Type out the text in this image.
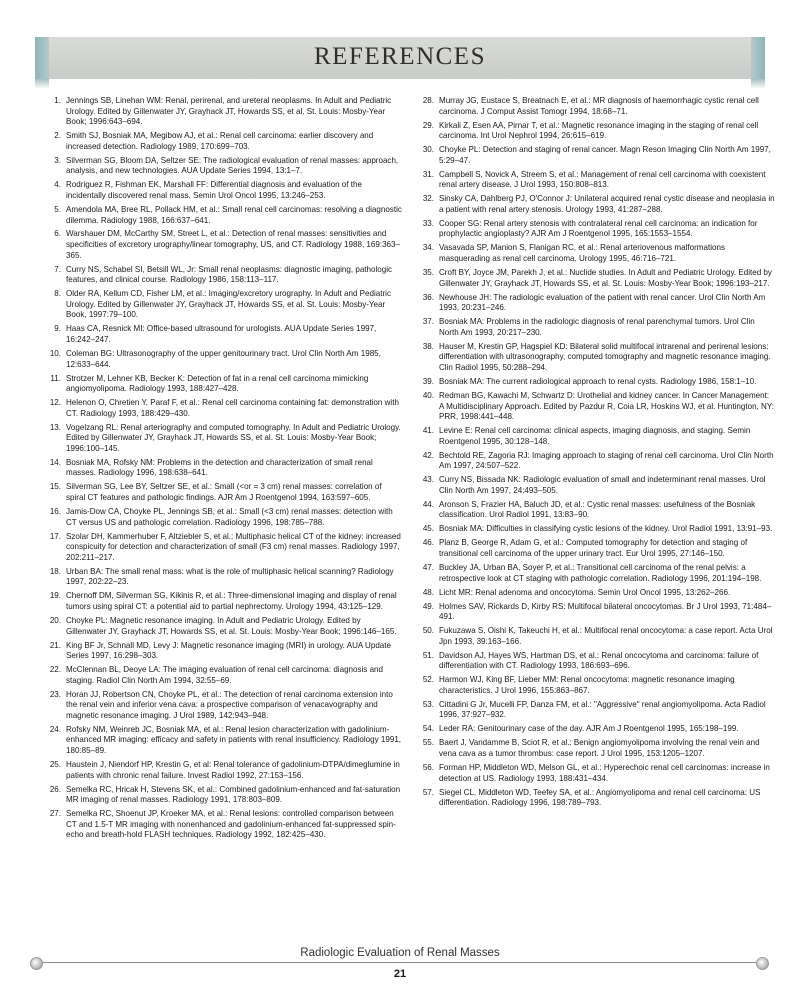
REFERENCES
1. Jennings SB, Linehan WM: Renal, perirenal, and ureteral neoplasms. In Adult and Pediatric Urology. Edited by Gillenwater JY, Grayhack JT, Howards SS, et al. St. Louis: Mosby-Year Book; 1996:643–694.
2. Smith SJ, Bosniak MA, Megibow AJ, et al.: Renal cell carcinoma: earlier discovery and increased detection. Radiology 1989, 170:699–703.
3. Silverman SG, Bloom DA, Seltzer SE: The radiological evaluation of renal masses: approach, analysis, and new technologies. AUA Update Series 1994, 13:1–7.
4. Rodriguez R, Fishman EK, Marshall FF: Differential diagnosis and evaluation of the incidentally discovered renal mass. Semin Urol Oncol 1995, 13:246–253.
5. Amendola MA, Bree RL, Pollack HM, et al.: Small renal cell carcinomas: resolving a diagnostic dilemma. Radiology 1988, 166:637–641.
6. Warshauer DM, McCarthy SM, Street L, et al.: Detection of renal masses: sensitivities and specificities of excretory urography/linear tomography, US, and CT. Radiology 1988, 169:363–365.
7. Curry NS, Schabel SI, Betsill WL, Jr: Small renal neoplasms: diagnostic imaging, pathologic features, and clinical course. Radiology 1986, 158:113–117.
8. Older RA, Kellum CD, Fisher LM, et al.: Imaging/excretory urography. In Adult and Pediatric Urology. Edited by Gillenwater JY, Grayhack JT, Howards SS, et al. St. Louis: Mosby-Year Book, 1997:79–100.
9. Haas CA, Resnick MI: Office-based ultrasound for urologists. AUA Update Series 1997, 16:242–247.
10. Coleman BG: Ultrasonography of the upper genitourinary tract. Urol Clin North Am 1985, 12:633–644.
11. Strotzer M, Lehner KB, Becker K: Detection of fat in a renal cell carcinoma mimicking angiomyolipoma. Radiology 1993, 188:427–428.
12. Helenon O, Chretien Y, Paraf F, et al.: Renal cell carcinoma containing fat: demonstration with CT. Radiology 1993, 188:429–430.
13. Vogelzang RL: Renal arteriography and computed tomography. In Adult and Pediatric Urology. Edited by Gillenwater JY, Grayhack JT, Howards SS, et al. St. Louis: Mosby-Year Book; 1996:100–145.
14. Bosniak MA, Rofsky NM: Problems in the detection and characterization of small renal masses. Radiology 1996, 198:638–641.
15. Silverman SG, Lee BY, Seltzer SE, et al.: Small (<or = 3 cm) renal masses: correlation of spiral CT features and pathologic findings. AJR Am J Roentgenol 1994, 163:597–605.
16. Jamis-Dow CA, Choyke PL, Jennings SB, et al.: Small (<3 cm) renal masses: detection with CT versus US and pathologic correlation. Radiology 1996, 198:785–788.
17. Szolar DH, Kammerhuber F, Altziebler S, et al.: Multiphasic helical CT of the kidney: increased conspicuity for detection and characterization of small (F3 cm) renal masses. Radiology 1997, 202:211–217.
18. Urban BA: The small renal mass: what is the role of multiphasic helical scanning? Radiology 1997, 202:22–23.
19. Chernoff DM, Silverman SG, Kikinis R, et al.: Three-dimensional imaging and display of renal tumors using spiral CT: a potential aid to partial nephrectomy. Urology 1994, 43:125–129.
20. Choyke PL: Magnetic resonance imaging. In Adult and Pediatric Urology. Edited by Gillenwater JY, Grayhack JT, Howards SS, et al. St. Louis: Mosby-Year Book; 1996:146–165.
21. King BF Jr, Schnall MD, Levy J: Magnetic resonance imaging (MRI) in urology. AUA Update Series 1997, 16:298–303.
22. McClennan BL, Deoye LA: The imaging evaluation of renal cell carcinoma: diagnosis and staging. Radiol Clin North Am 1994, 32:55–69.
23. Horan JJ, Robertson CN, Choyke PL, et al.: The detection of renal carcinoma extension into the renal vein and inferior vena cava: a prospective comparison of venacavography and magnetic resonance imaging. J Urol 1989, 142:943–948.
24. Rofsky NM, Weinreb JC, Bosniak MA, et al.: Renal lesion characterization with gadolinium-enhanced MR imaging: efficacy and safety in patients with renal insufficiency. Radiology 1991, 180:85–89.
25. Haustein J, Niendorf HP, Krestin G, et al: Renal tolerance of gadolinium-DTPA/dimeglumine in patients with chronic renal failure. Invest Radiol 1992, 27:153–156.
26. Semelka RC, Hricak H, Stevens SK, et al.: Combined gadolinium-enhanced and fat-saturation MR imaging of renal masses. Radiology 1991, 178:803–809.
27. Semelka RC, Shoenut JP, Kroeker MA, et al.: Renal lesions: controlled comparison between CT and 1.5-T MR imaging with nonenhanced and gadolinium-enhanced fat-suppressed spin-echo and breath-hold FLASH techniques. Radiology 1992, 182:425–430.
28. Murray JG, Eustace S, Breatnach E, et al.: MR diagnosis of haemorrhagic cystic renal cell carcinoma. J Comput Assist Tomogr 1994, 18:68–71.
29. Kirkali Z, Esen AA, Pirnar T, et al.: Magnetic resonance imaging in the staging of renal cell carcinoma. Int Urol Nephrol 1994, 26:615–619.
30. Choyke PL: Detection and staging of renal cancer. Magn Reson Imaging Clin North Am 1997, 5:29–47.
31. Campbell S, Novick A, Streem S, et al.: Management of renal cell carcinoma with coexistent renal artery disease. J Urol 1993, 150:808–813.
32. Sinsky CA, Dahlberg PJ, O'Connor J: Unilateral acquired renal cystic disease and neoplasia in a patient with renal artery stenosis. Urology 1993, 41:287–288.
33. Cooper SG: Renal artery stenosis with contralateral renal cell carcinoma: an indication for prophylactic angioplasty? AJR Am J Roentgenol 1995, 165:1553–1554.
34. Vasavada SP, Manion S, Flanigan RC, et al.: Renal arteriovenous malformations masquerading as renal cell carcinoma. Urology 1995, 46:716–721.
35. Croft BY, Joyce JM, Parekh J, et al.: Nuclide studies. In Adult and Pediatric Urology. Edited by Gillenwater JY, Grayhack JT, Howards SS, et al. St. Louis: Mosby-Year Book; 1996:193–217.
36. Newhouse JH: The radiologic evaluation of the patient with renal cancer. Urol Clin North Am 1993, 20:231–246.
37. Bosniak MA: Problems in the radiologic diagnosis of renal parenchymal tumors. Urol Clin North Am 1993, 20:217–230.
38. Hauser M, Krestin GP, Hagspiel KD: Bilateral solid multifocal intrarenal and perirenal lesions: differentiation with ultrasonography, computed tomography and magnetic resonance imaging. Clin Radiol 1995, 50:288–294.
39. Bosniak MA: The current radiological approach to renal cysts. Radiology 1986, 158:1–10.
40. Redman BG, Kawachi M, Schwartz D: Urothelial and kidney cancer. In Cancer Management: A Multidisciplinary Approach. Edited by Pazdur R, Coia LR, Hoskins WJ, et al. Huntington, NY: PRR, 1998:441–448.
41. Levine E: Renal cell carcinoma: clinical aspects, imaging diagnosis, and staging. Semin Roentgenol 1995, 30:128–148.
42. Bechtold RE, Zagoria RJ: Imaging approach to staging of renal cell carcinoma. Urol Clin North Am 1997, 24:507–522.
43. Curry NS, Bissada NK: Radiologic evaluation of small and indeterminant renal masses. Urol Clin North Am 1997, 24:493–505.
44. Aronson S, Frazier HA, Baluch JD, et al.: Cystic renal masses: usefulness of the Bosniak classification. Urol Radiol 1991, 13:83–90.
45. Bosniak MA: Difficulties in classifying cystic lesions of the kidney. Urol Radiol 1991, 13:91–93.
46. Planz B, George R, Adam G, et al.: Computed tomography for detection and staging of transitional cell carcinoma of the upper urinary tract. Eur Urol 1995, 27:146–150.
47. Buckley JA, Urban BA, Soyer P, et al.: Transitional cell carcinoma of the renal pelvis: a retrospective look at CT staging with pathologic correlation. Radiology 1996, 201:194–198.
48. Licht MR: Renal adenoma and oncocytoma. Semin Urol Oncol 1995, 13:262–266.
49. Holmes SAV, Rickards D, Kirby RS: Multifocal bilateral oncocytomas. Br J Urol 1993, 71:484–491.
50. Fukuzawa S, Oishi K, Takeuchi H, et al.: Multifocal renal oncocytoma: a case report. Acta Urol Jpn 1993, 39:163–166.
51. Davidson AJ, Hayes WS, Hartman DS, et al.: Renal oncocytoma and carcinoma: failure of differentiation with CT. Radiology 1993, 186:693–696.
52. Harmon WJ, King BF, Lieber MM: Renal oncocytoma: magnetic resonance imaging characteristics. J Urol 1996, 155:863–867.
53. Cittadini G Jr, Mucelli FP, Danza FM, et al.: "Aggressive" renal angiomyolipoma. Acta Radiol 1996, 37:927–932.
54. Leder RA: Genitourinary case of the day. AJR Am J Roentgenol 1995, 165:198–199.
55. Baert J, Vandamme B, Sciot R, et al.: Benign angiomyolipoma involving the renal vein and vena cava as a tumor thrombus: case report. J Urol 1995, 153:1205–1207.
56. Forman HP, Middleton WD, Melson GL, et al.: Hyperechoic renal cell carcinomas: increase in detection at US. Radiology 1993, 188:431–434.
57. Siegel CL, Middleton WD, Teefey SA, et al.: Angiomyolipoma and renal cell carcinoma: US differentiation. Radiology 1996, 198:789–793.
Radiologic Evaluation of Renal Masses
21
